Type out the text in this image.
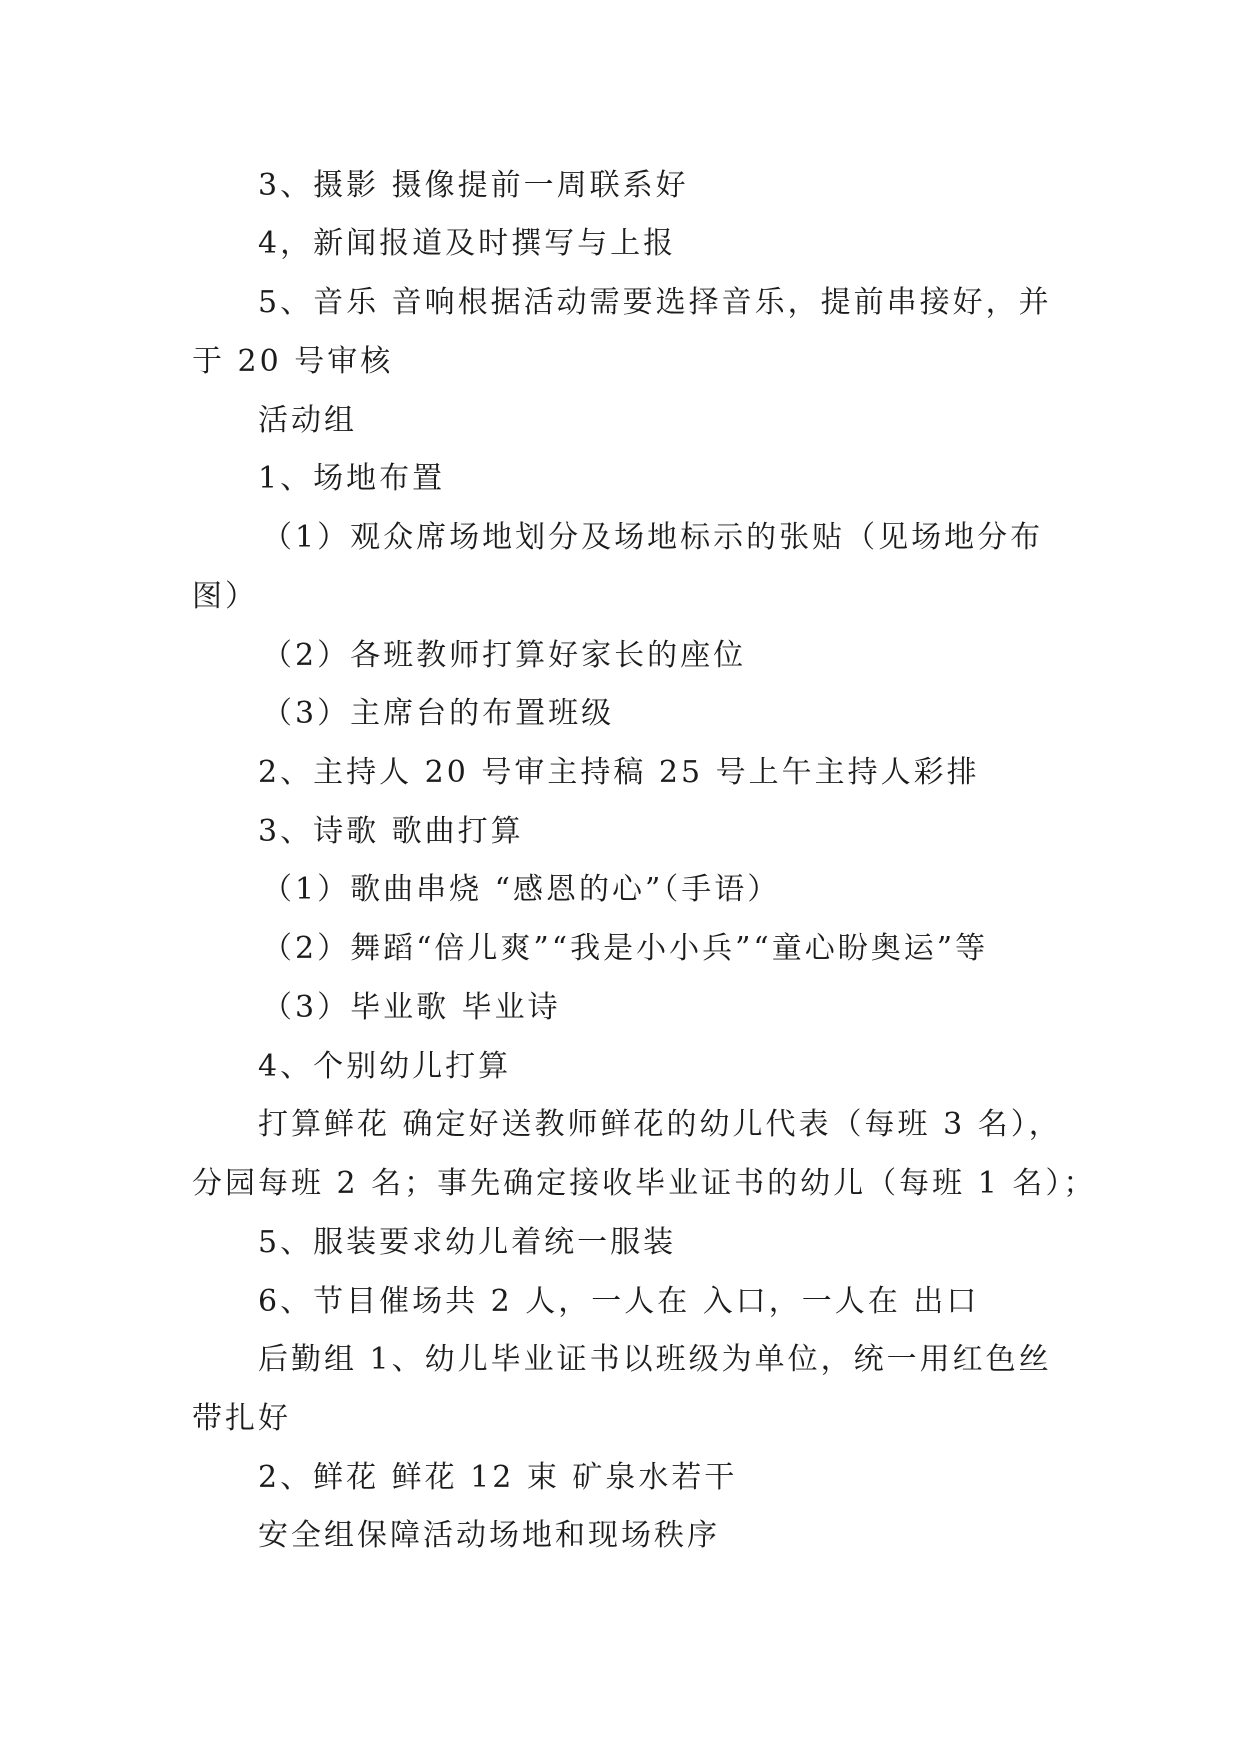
3、摄影 摄像提前一周联系好
4，新闻报道及时撰写与上报
5、音乐 音响根据活动需要选择音乐，提前串接好，并
于 20 号审核
活动组
1、场地布置
（1）观众席场地划分及场地标示的张贴（见场地分布
图）
（2）各班教师打算好家长的座位
（3）主席台的布置班级
2、主持人 20 号审主持稿 25 号上午主持人彩排
3、诗歌 歌曲打算
（1）歌曲串烧 “感恩的心”（手语）
（2）舞蹈“倍儿爽”“我是小小兵”“童心盼奥运”等
（3）毕业歌 毕业诗
4、个别幼儿打算
打算鲜花 确定好送教师鲜花的幼儿代表（每班 3 名），
分园每班 2 名；事先确定接收毕业证书的幼儿（每班 1 名）；
5、服装要求幼儿着统一服装
6、节目催场共 2 人，一人在 入口，一人在 出口
后勤组 1、幼儿毕业证书以班级为单位，统一用红色丝
带扎好
2、鲜花 鲜花 12 束 矿泉水若干
安全组保障活动场地和现场秩序
